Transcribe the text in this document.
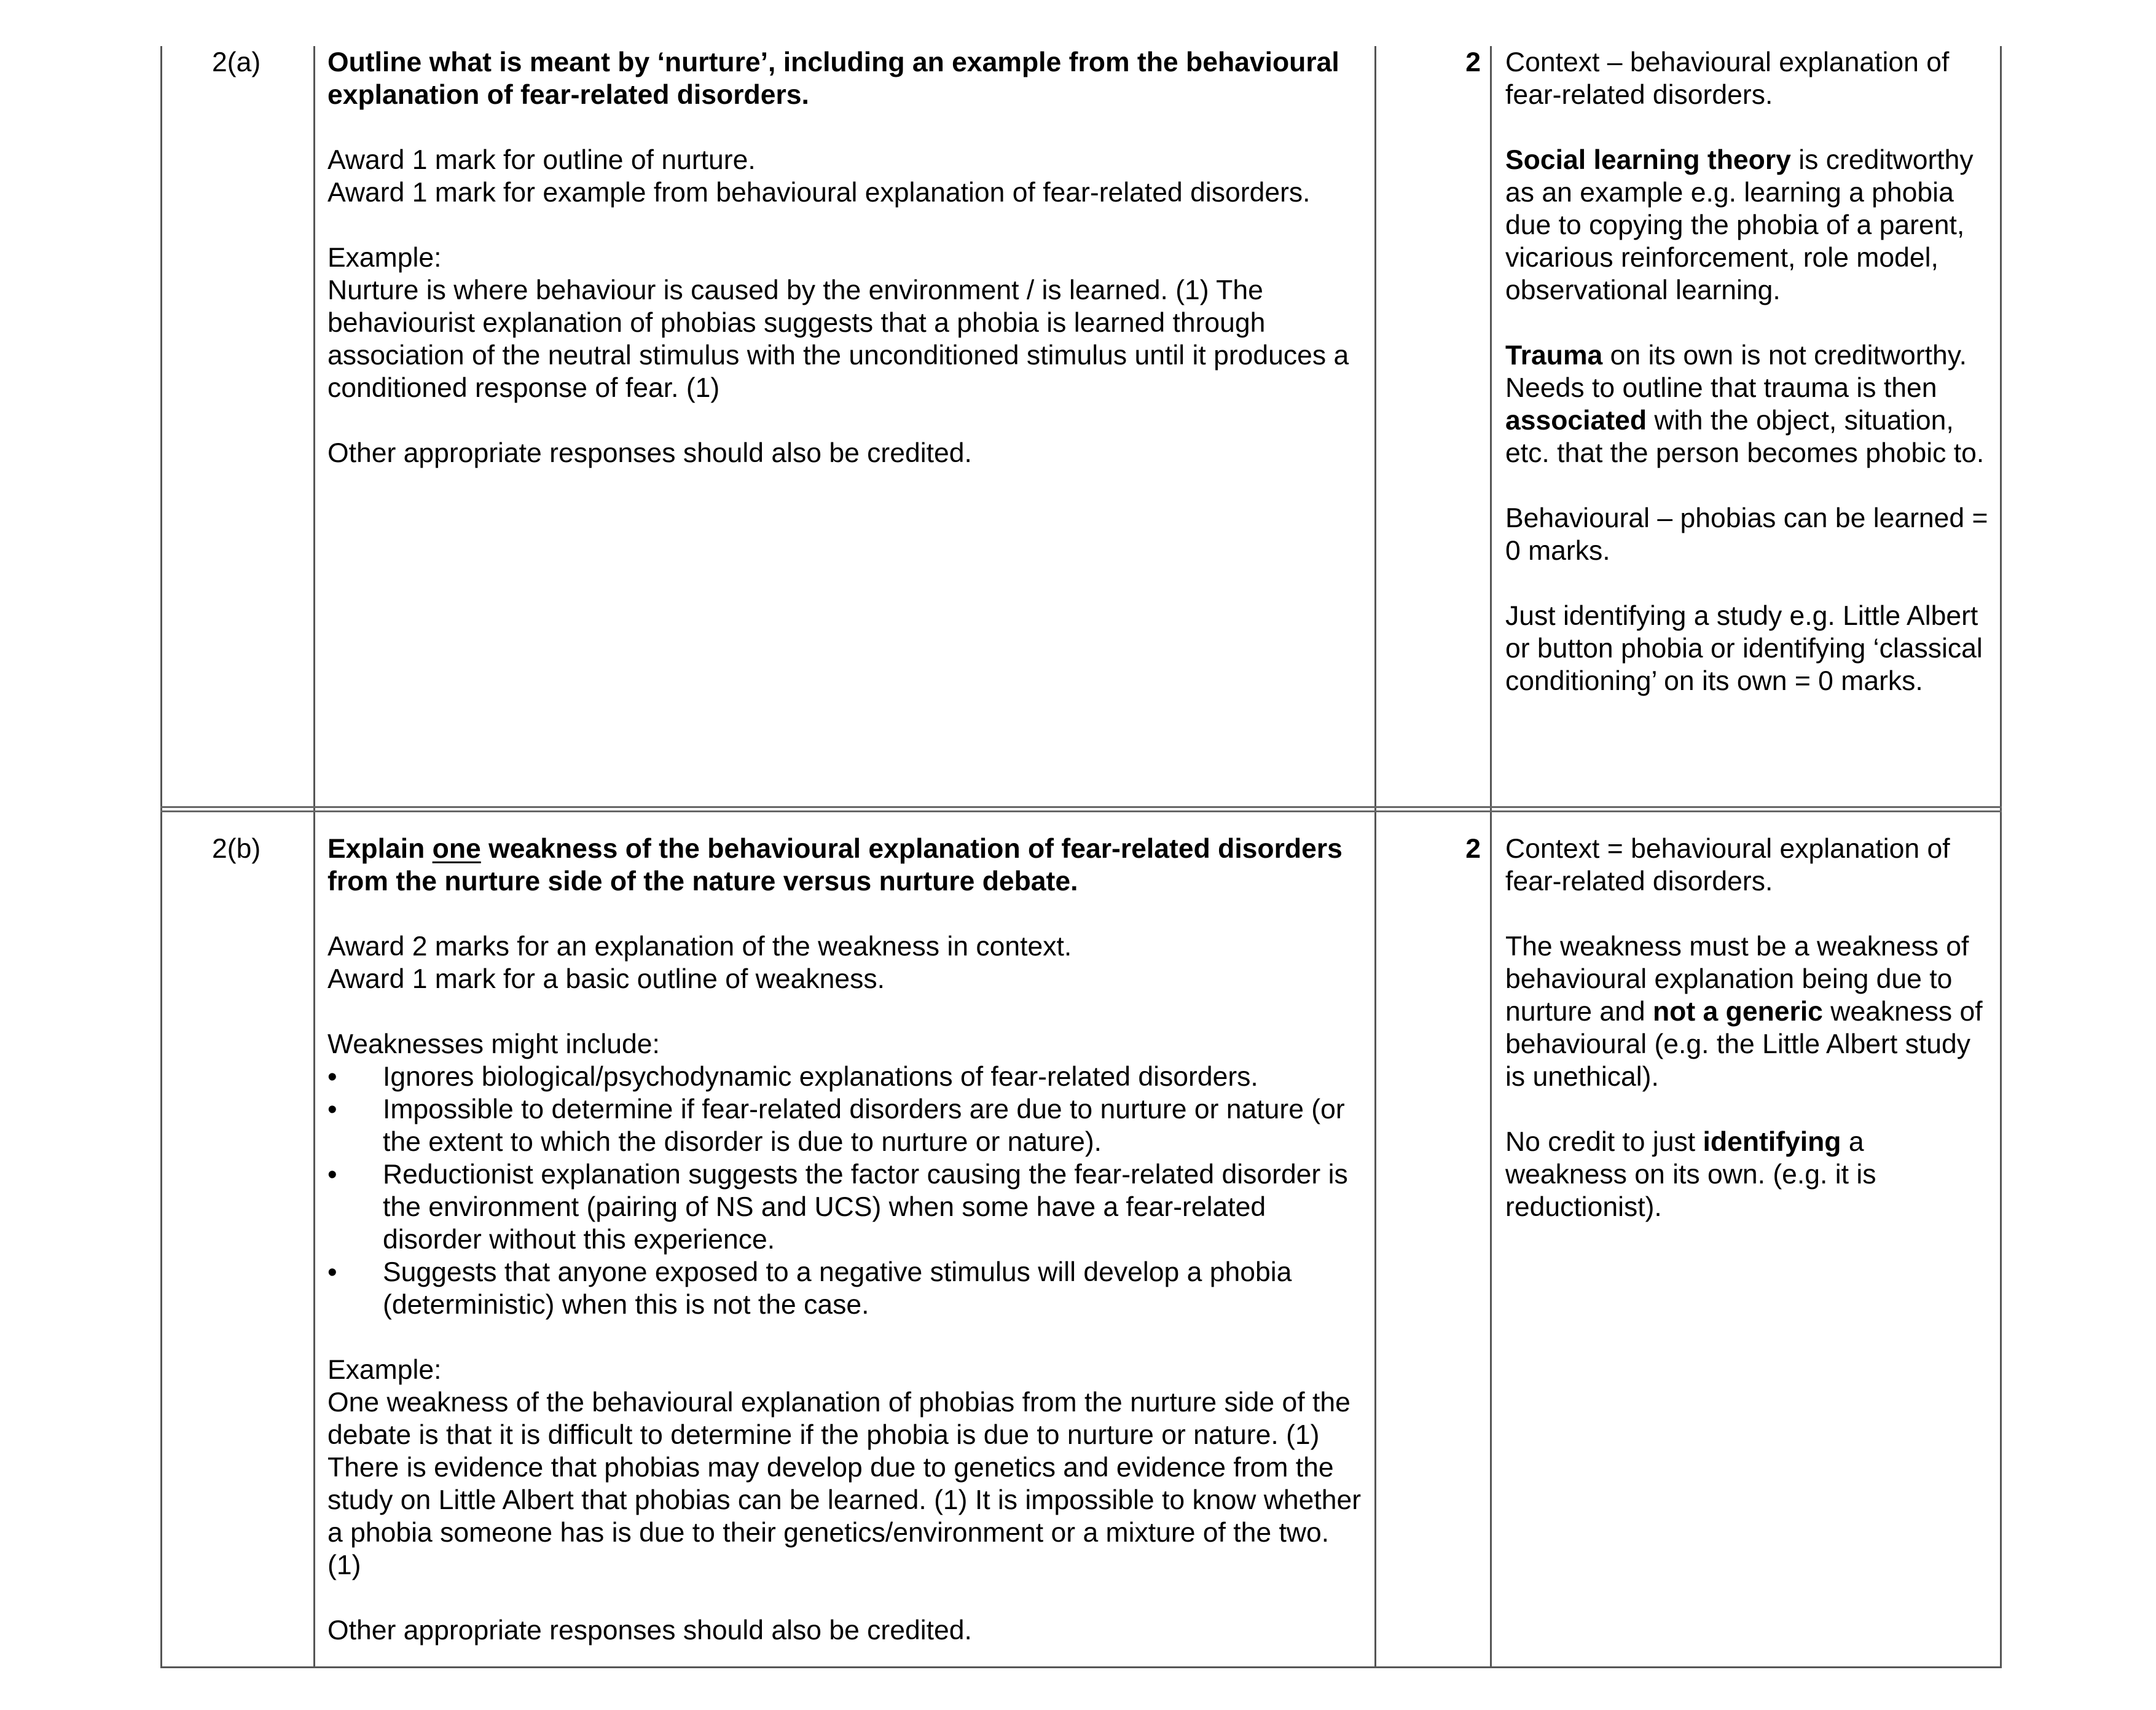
2(a) Outline what is meant by ‘nurture’, including an example from the behavioural explanation of fear-related disorders.

Award 1 mark for outline of nurture.

Award 1 mark for example from behavioural explanation of fear-related disorders.

Example:

Nurture is where behaviour is caused by the environment / is learned. (1) The behaviourist explanation of phobias suggests that a phobia is learned through association of the neutral stimulus with the unconditioned stimulus until it produces a conditioned response of fear. (1)

Other appropriate responses should also be credited.

2 Context – behavioural explanation of fear-related disorders.

Social learning theory is creditworthy as an example e.g. learning a phobia due to copying the phobia of a parent, vicarious reinforcement, role model, observational learning.

Trauma on its own is not creditworthy. Needs to outline that trauma is then associated with the object, situation, etc. that the person becomes phobic to.

Behavioural – phobias can be learned = 0 marks.

Just identifying a study e.g. Little Albert or button phobia or identifying ‘classical conditioning’ on its own = 0 marks.

2(b) Explain one weakness of the behavioural explanation of fear-related disorders from the nurture side of the nature versus nurture debate.

Award 2 marks for an explanation of the weakness in context.

Award 1 mark for a basic outline of weakness.

Weaknesses might include:

• Ignores biological/psychodynamic explanations of fear-related disorders.
• Impossible to determine if fear-related disorders are due to nurture or nature (or the extent to which the disorder is due to nurture or nature).
• Reductionist explanation suggests the factor causing the fear-related disorder is the environment (pairing of NS and UCS) when some have a fear-related disorder without this experience.
• Suggests that anyone exposed to a negative stimulus will develop a phobia (deterministic) when this is not the case.

Example:

One weakness of the behavioural explanation of phobias from the nurture side of the debate is that it is difficult to determine if the phobia is due to nurture or nature. (1) There is evidence that phobias may develop due to genetics and evidence from the study on Little Albert that phobias can be learned. (1) It is impossible to know whether a phobia someone has is due to their genetics/environment or a mixture of the two. (1)

Other appropriate responses should also be credited.

2 Context = behavioural explanation of fear-related disorders.

The weakness must be a weakness of behavioural explanation being due to nurture and not a generic weakness of behavioural (e.g. the Little Albert study is unethical).

No credit to just identifying a weakness on its own. (e.g. it is reductionist).
